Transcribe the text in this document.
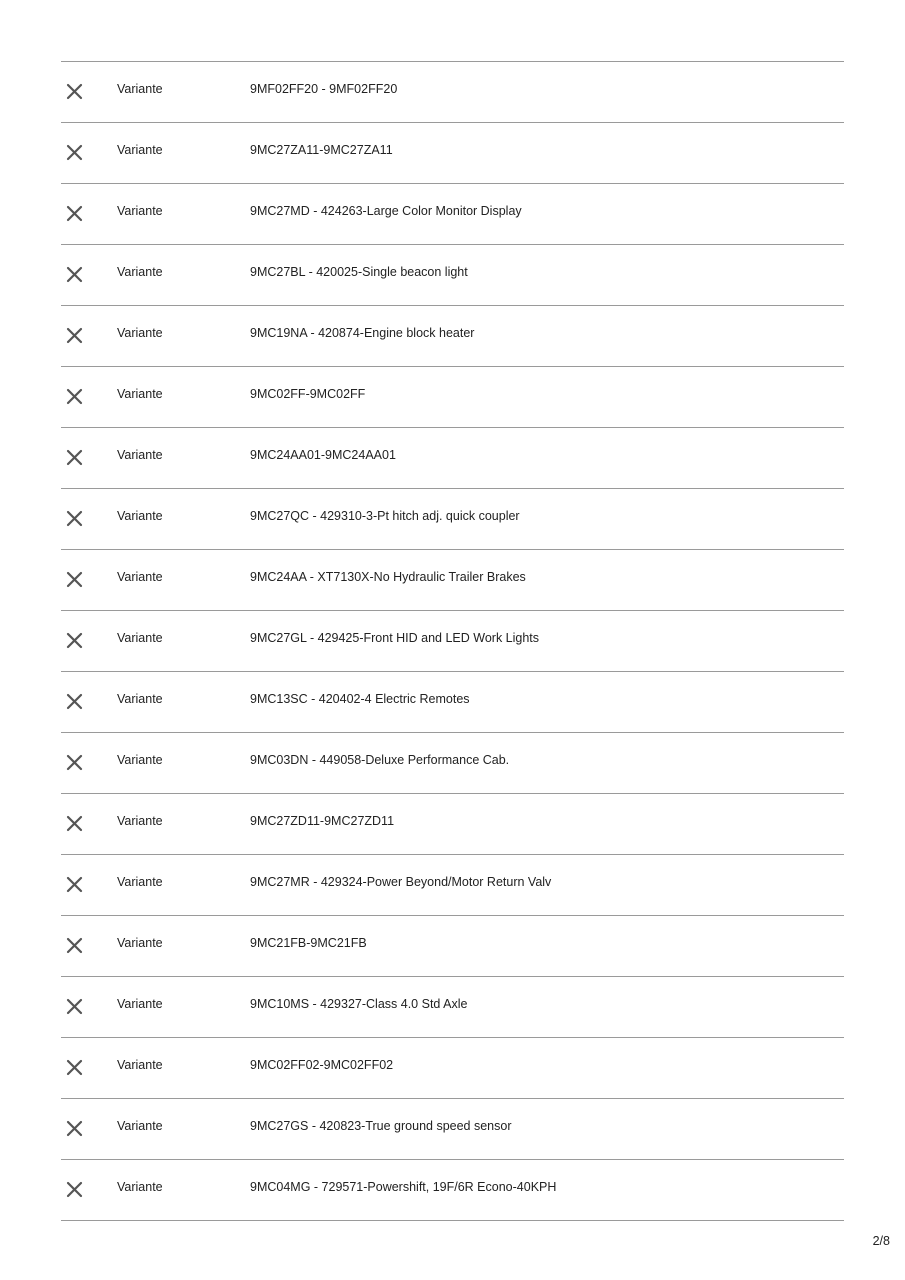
Variante	9MF02FF20 - 9MF02FF20
Variante	9MC27ZA11-9MC27ZA11
Variante	9MC27MD - 424263-Large Color Monitor Display
Variante	9MC27BL - 420025-Single beacon light
Variante	9MC19NA - 420874-Engine block heater
Variante	9MC02FF-9MC02FF
Variante	9MC24AA01-9MC24AA01
Variante	9MC27QC - 429310-3-Pt hitch adj. quick coupler
Variante	9MC24AA - XT7130X-No Hydraulic Trailer Brakes
Variante	9MC27GL - 429425-Front HID and LED Work Lights
Variante	9MC13SC - 420402-4 Electric Remotes
Variante	9MC03DN - 449058-Deluxe Performance Cab.
Variante	9MC27ZD11-9MC27ZD11
Variante	9MC27MR - 429324-Power Beyond/Motor Return Valv
Variante	9MC21FB-9MC21FB
Variante	9MC10MS - 429327-Class 4.0 Std Axle
Variante	9MC02FF02-9MC02FF02
Variante	9MC27GS - 420823-True ground speed sensor
Variante	9MC04MG - 729571-Powershift, 19F/6R Econo-40KPH
2/8
